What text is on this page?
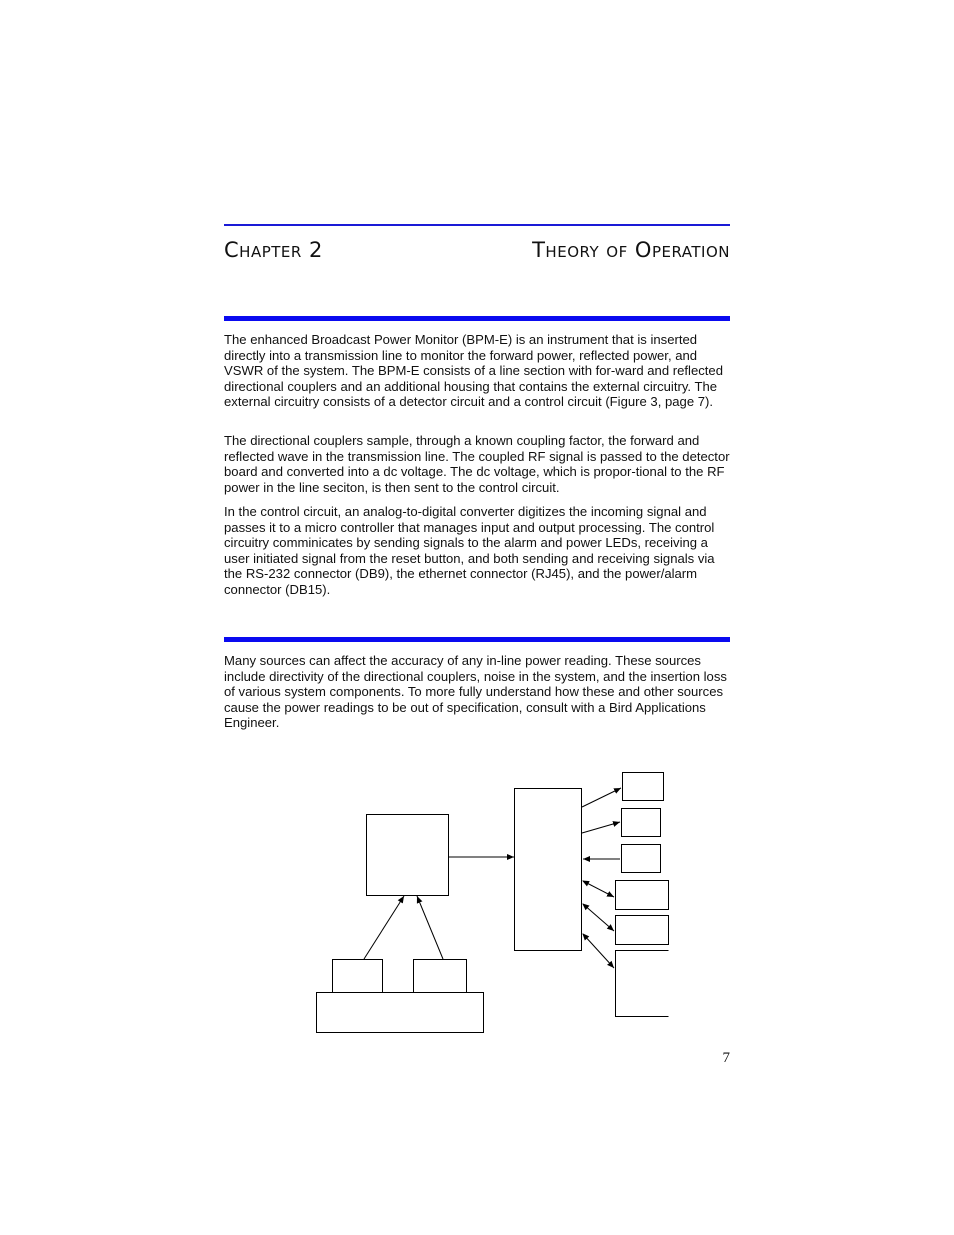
Chapter 2	Theory of Operation

The enhanced Broadcast Power Monitor (BPM-E) is an instrument that is inserted directly into a transmission line to monitor the forward power, reflected power, and VSWR of the system. The BPM-E consists of a line section with for-ward and reflected directional couplers and an additional housing that contains the external circuitry. The external circuitry consists of a detector circuit and a control circuit (Figure 3, page 7).

The directional couplers sample, through a known coupling factor, the forward and reflected wave in the transmission line. The coupled RF signal is passed to the detector board and converted into a dc voltage. The dc voltage, which is propor-tional to the RF power in the line seciton, is then sent to the control circuit.

In the control circuit, an analog-to-digital converter digitizes the incoming signal and passes it to a micro controller that manages input and output processing. The control circuitry comminicates by sending signals to the alarm and power LEDs, receiving a user initiated signal from the reset button, and both sending and receiving signals via the RS-232 connector (DB9), the ethernet connector (RJ45), and the power/alarm connector (DB15).

Many sources can affect the accuracy of any in-line power reading. These sources include directivity of the directional couplers, noise in the system, and the insertion loss of various system components. To more fully understand how these and other sources cause the power readings to be out of specification, consult with a Bird Applications Engineer.

7
